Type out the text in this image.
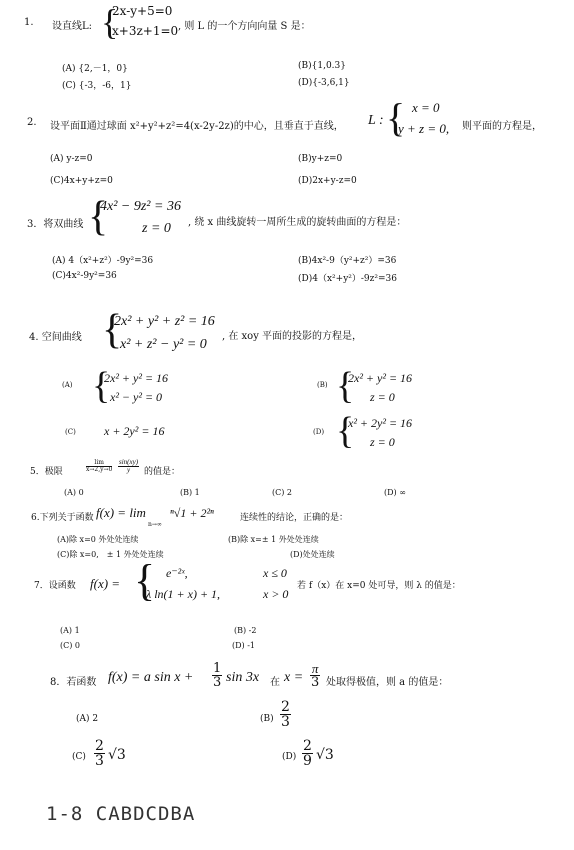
1. 设直线L: {
2x-y+5=0
x+3z+1=0 , 则 L 的一个方向向量 S 是：
(A) {2,－1，0}	(B){1,0.3}
(C) {-3，-6，1}	(D){-3,6,1}
2. 设平面Ⅱ通过球面 x²+y²+z²=4(x-2y-2z)的中心，且垂直于直线， L : { x = 0
y + z = 0, 则平面的方程是，
(A) y-z=0	(B)y+z=0
(C)4x+y+z=0	(D)2x+y-z=0
3．将双曲线 {
4x² − 9z² = 36
z = 0 , 绕 x 曲线旋转一周所生成的旋转曲面的方程是：
(A) 4（x²+z²）-9y²=36	(B)4x²-9（y²+z²）=36
(C)4x²-9y²=36	(D)4（x²+y²）-9z²=36
4. 空间曲线 {
2x² + y² + z² = 16
x² + z² − y² = 0
, 在 xoy 平面的投影的方程是，
(A) {
2x² + y² = 16
x² − y² = 0
(B) {
2x² + y² = 16
z = 0
(C) x + 2y² = 16	(D) {
x² + 2y² = 16
z = 0
5．极限
lim
$x\to 2,y\to 0 \frac{\sin(xy)}{y}$ 的值是：
(A) 0	(B) 1	(C) 2	(D) ∞
6.下列关于函数 f(x) = lim
n→∞
ⁿ√1 + 2²ⁿ	连续性的结论，正确的是：
(A)除 x=0 外处处连续	(B)除 x=± 1 外处处连续
(C)除 x=0,　± 1 外处处连续	(D)处处连续
7．设函数 f(x) = { e⁻²ˣ,	x ≤ 0
λ ln(1 + x) + 1,	x > 0
若 f（x）在 x=0 处可导，则 λ 的值是：
(A) 1	(B) -2
(C) 0	(D) -1
8．若函数 f(x) = a $\sin x + \frac{1}{3}$ sin 3x 在 $x = \frac{\pi}{3}$ 处取得极值，则 a 的值是：
(A) 2	$(B) \frac{2}{3}$
$(C) \frac{2}{3} √3$	$(D) \frac{2}{9} √3$
1-8 CABDCDBA
